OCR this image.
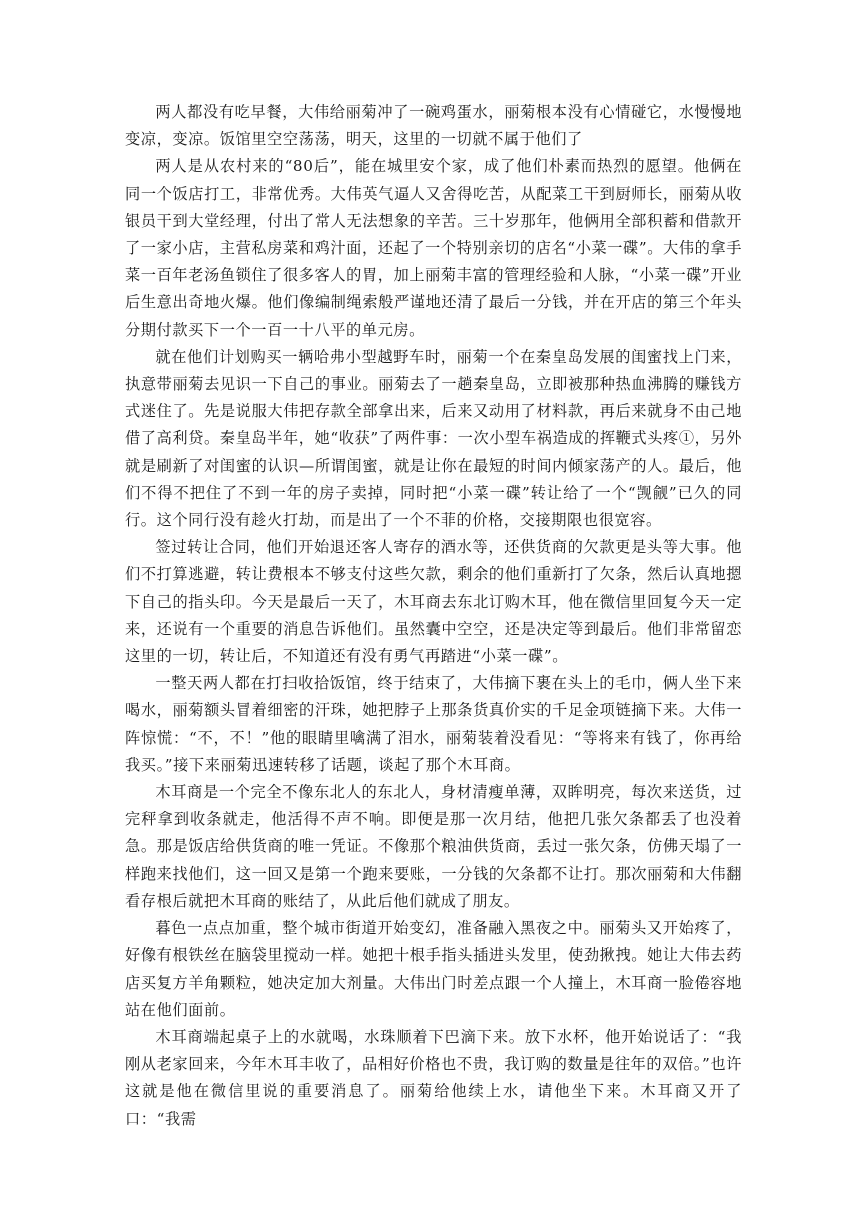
两人都没有吃早餐，大伟给丽菊冲了一碗鸡蛋水，丽菊根本没有心情碰它，水慢慢地变凉，变凉。饭馆里空空荡荡，明天，这里的一切就不属于他们了

两人是从农村来的“80后”，能在城里安个家，成了他们朴素而热烈的愿望。他俩在同一个饭店打工，非常优秀。大伟英气逼人又舍得吃苦，从配菜工干到厨师长，丽菊从收银员干到大堂经理，付出了常人无法想象的辛苦。三十岁那年，他俩用全部积蓄和借款开了一家小店，主营私房菜和鸡汁面，还起了一个特别亲切的店名“小菜一碟”。大伟的拿手菜一百年老汤鱼锁住了很多客人的胃，加上丽菊丰富的管理经验和人脉，“小菜一碟”开业后生意出奇地火爆。他们像编制绳索般严谨地还清了最后一分钱，并在开店的第三个年头分期付款买下一个一百一十八平的单元房。

就在他们计划购买一辆哈弗小型越野车时，丽菊一个在秦皇岛发展的闺蜜找上门来，执意带丽菊去见识一下自己的事业。丽菊去了一趟秦皇岛，立即被那种热血沸腾的赚钱方式迷住了。先是说服大伟把存款全部拿出来，后来又动用了材料款，再后来就身不由己地借了高利贷。秦皇岛半年，她“收获”了两件事：一次小型车祸造成的挥鞭式头疼①，另外就是刷新了对闺蜜的认识—所谓闺蜜，就是让你在最短的时间内倾家荡产的人。最后，他们不得不把住了不到一年的房子卖掉，同时把“小菜一碟”转让给了一个“觊觎”已久的同行。这个同行没有趁火打劫，而是出了一个不菲的价格，交接期限也很宽容。

签过转让合同，他们开始退还客人寄存的酒水等，还供货商的欠款更是头等大事。他们不打算逃避，转让费根本不够支付这些欠款，剩余的他们重新打了欠条，然后认真地摁下自己的指头印。今天是最后一天了，木耳商去东北订购木耳，他在微信里回复今天一定来，还说有一个重要的消息告诉他们。虽然囊中空空，还是决定等到最后。他们非常留恋这里的一切，转让后，不知道还有没有勇气再踏进“小菜一碟”。

一整天两人都在打扫收拾饭馆，终于结束了，大伟摘下裹在头上的毛巾，俩人坐下来喝水，丽菊额头冒着细密的汗珠，她把脖子上那条货真价实的千足金项链摘下来。大伟一阵惊慌：“不，不！”他的眼睛里噙满了泪水，丽菊装着没看见：“等将来有钱了，你再给我买。”接下来丽菊迅速转移了话题，谈起了那个木耳商。

木耳商是一个完全不像东北人的东北人，身材清瘦单薄，双眸明亮，每次来送货，过完秤拿到收条就走，他活得不声不响。即便是那一次月结，他把几张欠条都丢了也没着急。那是饭店给供货商的唯一凭证。不像那个粮油供货商，丢过一张欠条，仿佛天塌了一样跑来找他们，这一回又是第一个跑来要账，一分钱的欠条都不让打。那次丽菊和大伟翻看存根后就把木耳商的账结了，从此后他们就成了朋友。

暮色一点点加重，整个城市街道开始变幻，准备融入黑夜之中。丽菊头又开始疼了，好像有根铁丝在脑袋里搅动一样。她把十根手指头插进头发里，使劲揪拽。她让大伟去药店买复方羊角颗粒，她决定加大剂量。大伟出门时差点跟一个人撞上，木耳商一脸倦容地站在他们面前。

木耳商端起桌子上的水就喝，水珠顺着下巴滴下来。放下水杯，他开始说话了：“我刚从老家回来，今年木耳丰收了，品相好价格也不贵，我订购的数量是往年的双倍。”也许这就是他在微信里说的重要消息了。丽菊给他续上水，请他坐下来。木耳商又开了口：“我需
